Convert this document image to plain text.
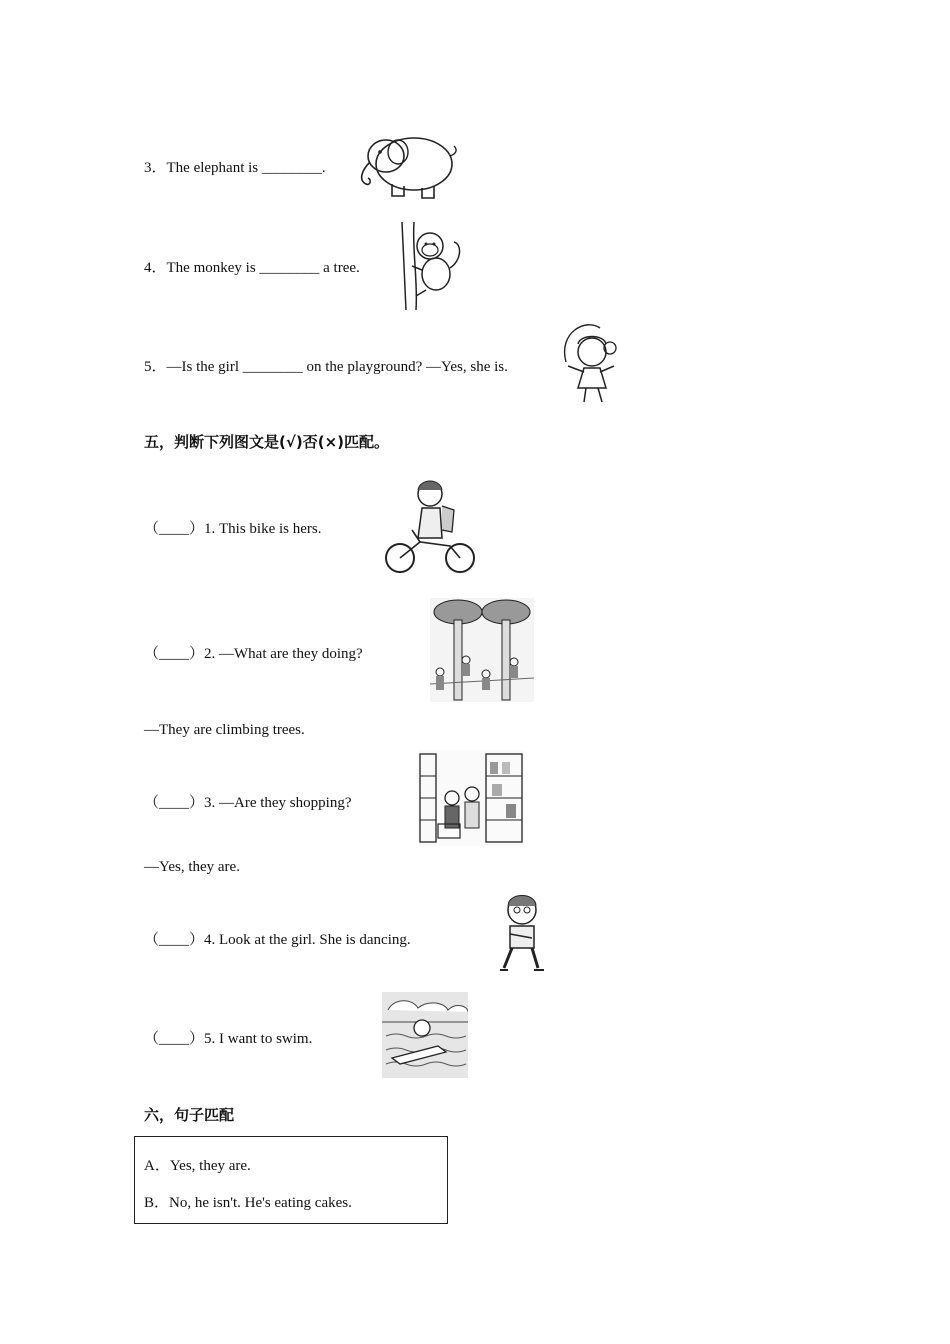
3．The elephant is ________.
4．The monkey is ________ a tree.
5．—Is the girl ________ on the playground? —Yes, she is.
五，判断下列图文是(√)否(×)匹配。
（____）1. This bike is hers.
（____）2. —What are they doing?
—They are climbing trees.
（____）3. —Are they shopping?
—Yes, they are.
（____）4. Look at the girl. She is dancing.
（____）5. I want to swim.
六，句子匹配
A．Yes, they are.
B．No, he isn't. He's eating cakes.
